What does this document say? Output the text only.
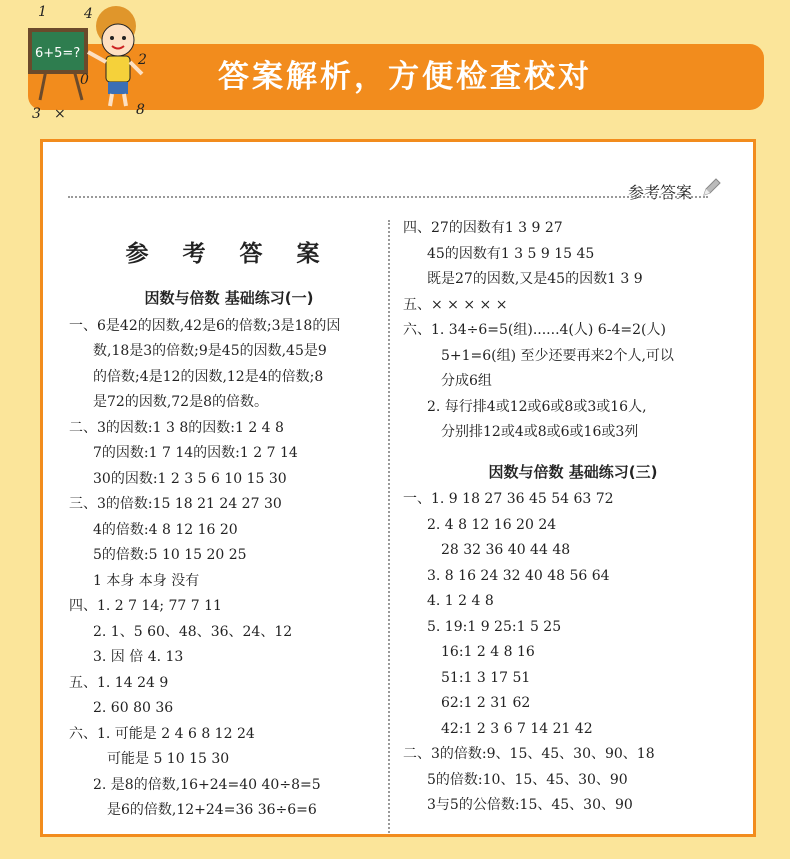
答案解析，方便检查校对
6+5=?
1	4
2
0
3 ×	8
参考答案
参 考 答 案
因数与倍数 基础练习(一)
一、6是42的因数,42是6的倍数;3是18的因
数,18是3的倍数;9是45的因数,45是9
的倍数;4是12的因数,12是4的倍数;8
是72的因数,72是8的倍数。
二、3的因数:1 3 8的因数:1 2 4 8
7的因数:1 7 14的因数:1 2 7 14
30的因数:1 2 3 5 6 10 15 30
三、3的倍数:15 18 21 24 27 30
4的倍数:4 8 12 16 20
5的倍数:5 10 15 20 25
1 本身 本身 没有
四、1. 2 7 14; 77 7 11
2. 1、5 60、48、36、24、12
3. 因 倍 4. 13
五、1. 14 24 9
2. 60 80 36
六、1. 可能是 2 4 6 8 12 24
可能是 5 10 15 30
2. 是8的倍数,16+24=40 40÷8=5
是6的倍数,12+24=36 36÷6=6
四、27的因数有1 3 9 27
45的因数有1 3 5 9 15 45
既是27的因数,又是45的因数1 3 9
五、× × × × ×
六、1. 34÷6=5(组)......4(人) 6-4=2(人)
5+1=6(组) 至少还要再来2个人,可以
分成6组
2. 每行排4或12或6或8或3或16人,
分别排12或4或8或6或16或3列
因数与倍数 基础练习(三)
一、1. 9 18 27 36 45 54 63 72
2. 4 8 12 16 20 24
28 32 36 40 44 48
3. 8 16 24 32 40 48 56 64
4. 1 2 4 8
5. 19:1 9 25:1 5 25
16:1 2 4 8 16
51:1 3 17 51
62:1 2 31 62
42:1 2 3 6 7 14 21 42
二、3的倍数:9、15、45、30、90、18
5的倍数:10、15、45、30、90
3与5的公倍数:15、45、30、90
